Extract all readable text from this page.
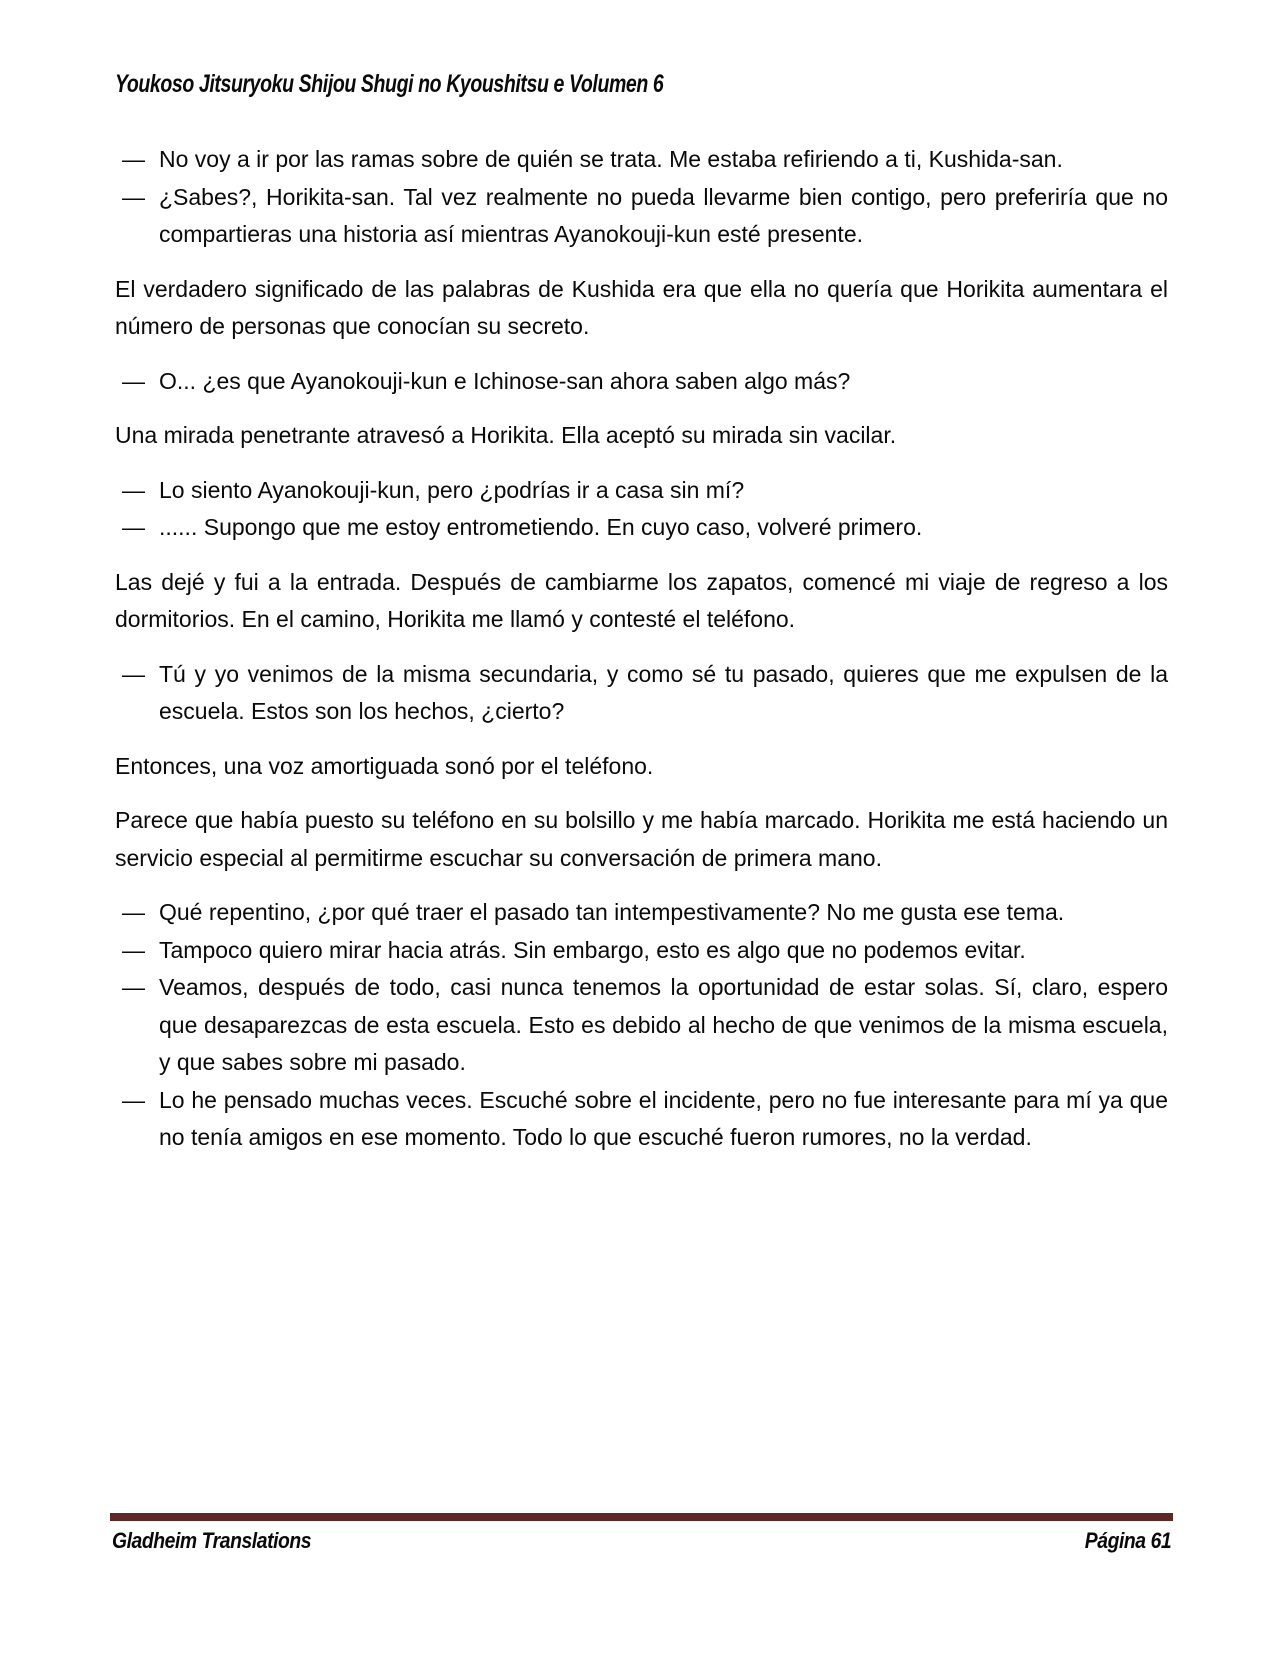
Youkoso Jitsuryoku Shijou Shugi no Kyoushitsu e Volumen 6

— No voy a ir por las ramas sobre de quién se trata. Me estaba refiriendo a ti, Kushida-san.

— ¿Sabes?, Horikita-san. Tal vez realmente no pueda llevarme bien contigo, pero preferiría que no compartieras una historia así mientras Ayanokouji-kun esté presente.

El verdadero significado de las palabras de Kushida era que ella no quería que Horikita aumentara el número de personas que conocían su secreto.

— O... ¿es que Ayanokouji-kun e Ichinose-san ahora saben algo más?

Una mirada penetrante atravesó a Horikita. Ella aceptó su mirada sin vacilar.

— Lo siento Ayanokouji-kun, pero ¿podrías ir a casa sin mí?

— ...... Supongo que me estoy entrometiendo. En cuyo caso, volveré primero.

Las dejé y fui a la entrada. Después de cambiarme los zapatos, comencé mi viaje de regreso a los dormitorios. En el camino, Horikita me llamó y contesté el teléfono.

— Tú y yo venimos de la misma secundaria, y como sé tu pasado, quieres que me expulsen de la escuela. Estos son los hechos, ¿cierto?

Entonces, una voz amortiguada sonó por el teléfono.

Parece que había puesto su teléfono en su bolsillo y me había marcado. Horikita me está haciendo un servicio especial al permitirme escuchar su conversación de primera mano.

— Qué repentino, ¿por qué traer el pasado tan intempestivamente? No me gusta ese tema.

— Tampoco quiero mirar hacia atrás. Sin embargo, esto es algo que no podemos evitar.

— Veamos, después de todo, casi nunca tenemos la oportunidad de estar solas. Sí, claro, espero que desaparezcas de esta escuela. Esto es debido al hecho de que venimos de la misma escuela, y que sabes sobre mi pasado.

— Lo he pensado muchas veces. Escuché sobre el incidente, pero no fue interesante para mí ya que no tenía amigos en ese momento. Todo lo que escuché fueron rumores, no la verdad.

Gladheim Translations	Página 61
